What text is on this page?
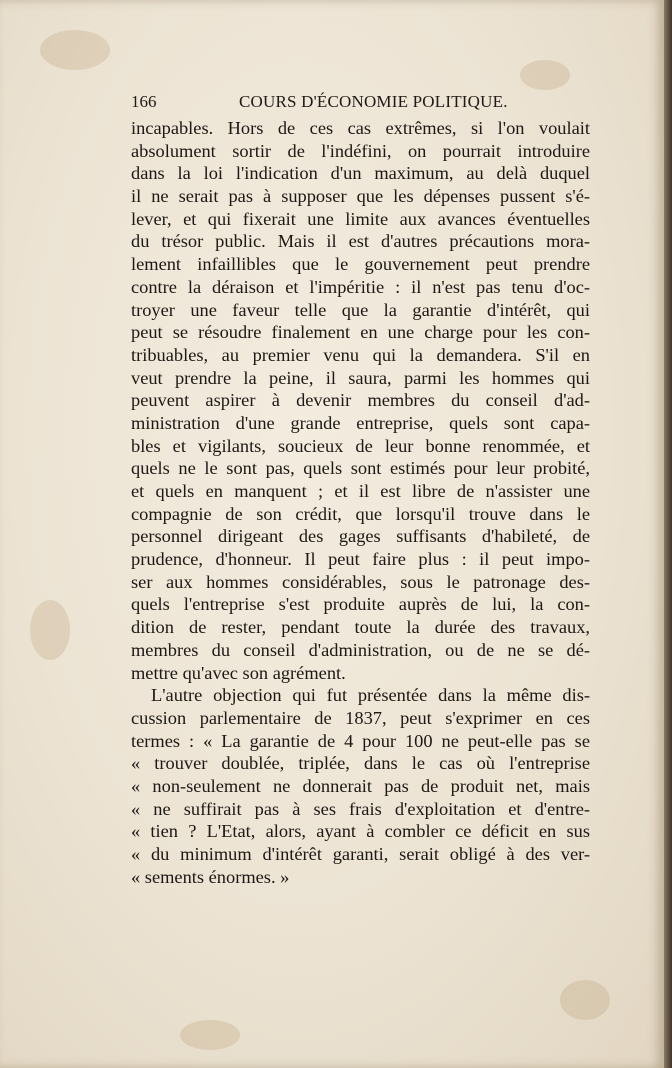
166	COURS D'ÉCONOMIE POLITIQUE.
incapables. Hors de ces cas extrêmes, si l'on voulait
absolument sortir de l'indéfini, on pourrait introduire
dans la loi l'indication d'un maximum, au delà duquel
il ne serait pas à supposer que les dépenses pussent s'é-
lever, et qui fixerait une limite aux avances éventuelles
du trésor public. Mais il est d'autres précautions mora-
lement infaillibles que le gouvernement peut prendre
contre la déraison et l'impéritie : il n'est pas tenu d'oc-
troyer une faveur telle que la garantie d'intérêt, qui
peut se résoudre finalement en une charge pour les con-
tribuables, au premier venu qui la demandera. S'il en
veut prendre la peine, il saura, parmi les hommes qui
peuvent aspirer à devenir membres du conseil d'ad-
ministration d'une grande entreprise, quels sont capa-
bles et vigilants, soucieux de leur bonne renommée, et
quels ne le sont pas, quels sont estimés pour leur probité,
et quels en manquent ; et il est libre de n'assister une
compagnie de son crédit, que lorsqu'il trouve dans le
personnel dirigeant des gages suffisants d'habileté, de
prudence, d'honneur. Il peut faire plus : il peut impo-
ser aux hommes considérables, sous le patronage des-
quels l'entreprise s'est produite auprès de lui, la con-
dition de rester, pendant toute la durée des travaux,
membres du conseil d'administration, ou de ne se dé-
mettre qu'avec son agrément.
L'autre objection qui fut présentée dans la même dis-
cussion parlementaire de 1837, peut s'exprimer en ces
termes : « La garantie de 4 pour 100 ne peut-elle pas se
« trouver doublée, triplée, dans le cas où l'entreprise
« non-seulement ne donnerait pas de produit net, mais
« ne suffirait pas à ses frais d'exploitation et d'entre-
« tien ? L'Etat, alors, ayant à combler ce déficit en sus
« du minimum d'intérêt garanti, serait obligé à des ver-
« sements énormes. »
